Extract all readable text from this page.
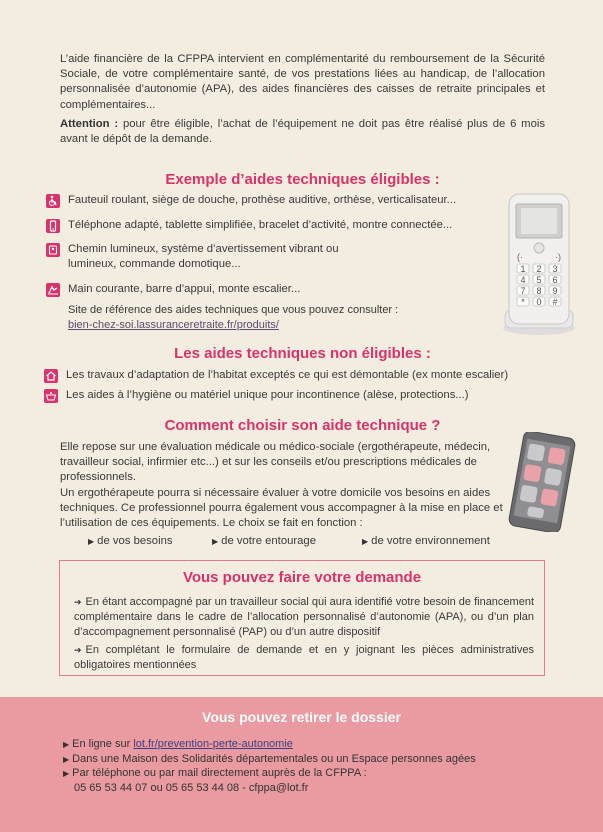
L’aide financière de la CFPPA intervient en complémentarité du remboursement de la Sécurité Sociale, de votre complémentaire santé, de vos prestations liées au handicap, de l’allocation personnalisée d’autonomie (APA), des aides financières des caisses de retraite principales et complémentaires...

Attention : pour être éligible, l’achat de l’équipement ne doit pas être réalisé plus de 6 mois avant le dépôt de la demande.

Exemple d’aides techniques éligibles :
Fauteuil roulant, siège de douche, prothèse auditive, orthèse, verticalisateur...
Téléphone adapté, tablette simplifiée, bracelet d’activité, montre connectée...
Chemin lumineux, système d’avertissement vibrant ou lumineux, commande domotique...
Main courante, barre d’appui, monte escalier...
Site de référence des aides techniques que vous pouvez consulter :
bien-chez-soi.lassuranceretraite.fr/produits/
(·	·)
1 2 3
4 5 6
7 8 9
* 0 #
Les aides techniques non éligibles :
Les travaux d’adaptation de l’habitat exceptés ce qui est démontable (ex monte escalier)
Les aides à l’hygiène ou matériel unique pour incontinence (alèse, protections...)
Comment choisir son aide technique ?
Elle repose sur une évaluation médicale ou médico-sociale (ergothérapeute, médecin, travailleur social, infirmier etc...) et sur les conseils et/ou prescriptions médicales de professionnels.
Un ergothérapeute pourra si nécessaire évaluer à votre domicile vos besoins en aides techniques. Ce professionnel pourra également vous accompagner à la mise en place et l’utilisation de ces équipements. Le choix se fait en fonction :
▶ de vos besoins	▶ de votre entourage	▶ de votre environnement
Vous pouvez faire votre demande
➔ En étant accompagné par un travailleur social qui aura identifié votre besoin de financement complémentaire dans le cadre de l’allocation personnalisé d’autonomie (APA), ou d’un plan d’accompagnement personnalisé (PAP) ou d’un autre dispositif
➔ En complétant le formulaire de demande et en y joignant les pièces administratives obligatoires mentionnées
Vous pouvez retirer le dossier
▶ En ligne sur lot.fr/prevention-perte-autonomie
▶ Dans une Maison des Solidarités départementales ou un Espace personnes agées
▶ Par téléphone ou par mail directement auprès de la CFPPA :
05 65 53 44 07 ou 05 65 53 44 08 - cfppa@lot.fr
